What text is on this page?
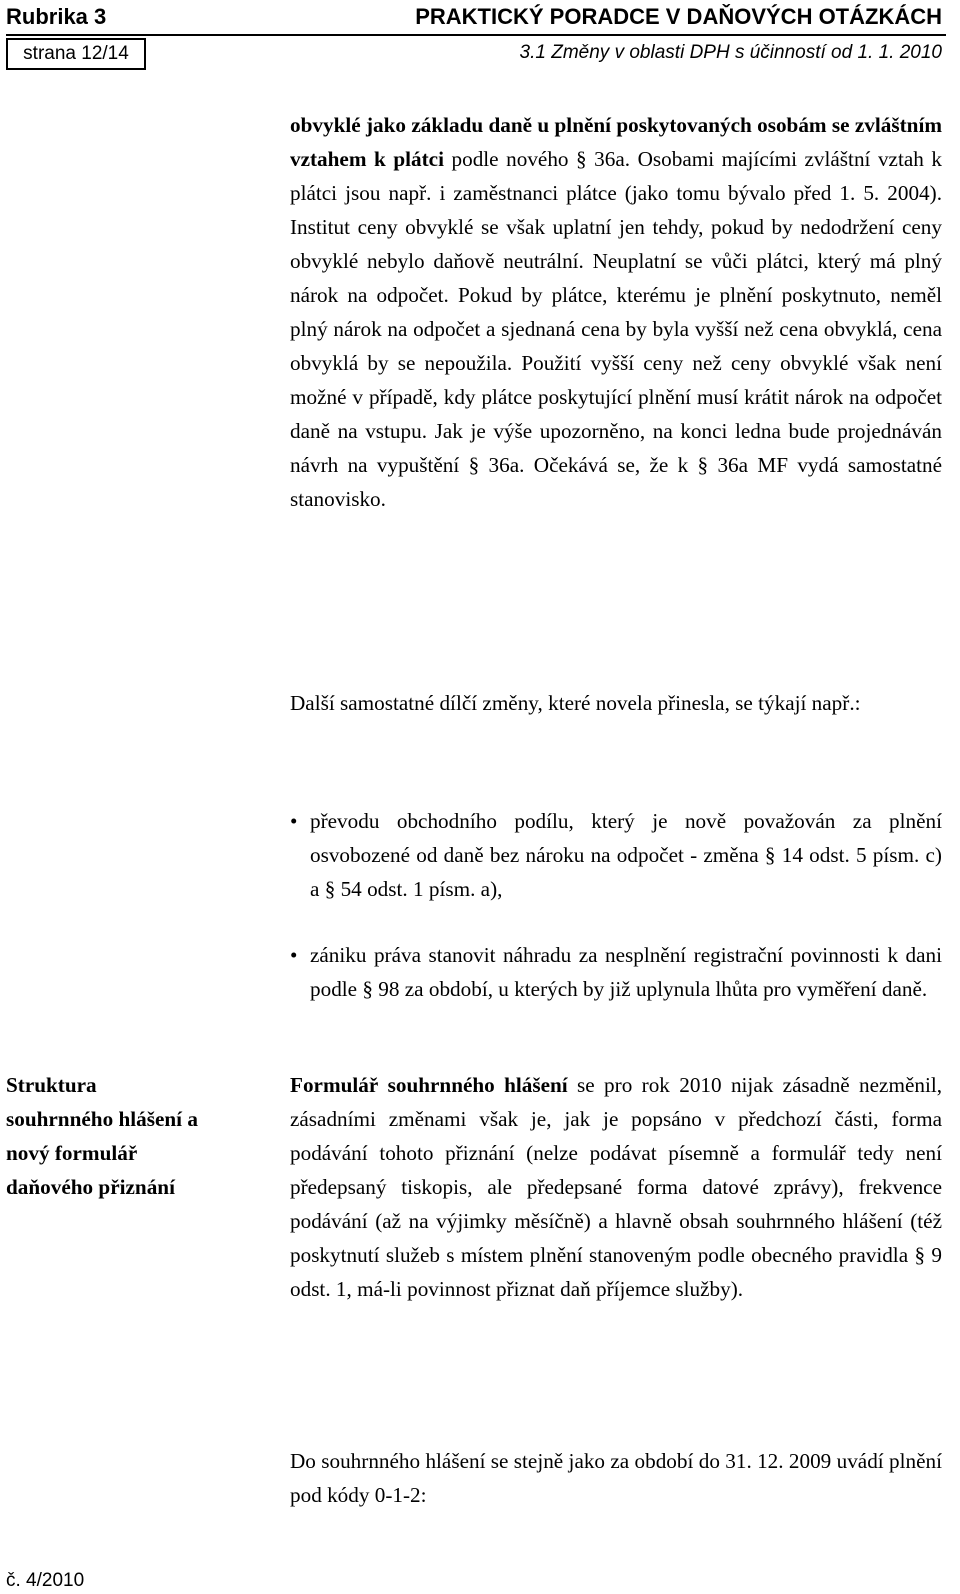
Rubrika 3	PRAKTICKÝ PORADCE V DAŇOVÝCH OTÁZKÁCH
strana 12/14	3.1 Změny v oblasti DPH s účinností od 1. 1. 2010

obvyklé jako základu daně u plnění poskytovaných osobám se zvláštním vztahem k plátci podle nového § 36a. Osobami majícími zvláštní vztah k plátci jsou např. i zaměstnanci plátce (jako tomu bývalo před 1. 5. 2004). Institut ceny obvyklé se však uplatní jen tehdy, pokud by nedodržení ceny obvyklé nebylo daňově neutrální. Neuplatní se vůči plátci, který má plný nárok na odpočet. Pokud by plátce, kterému je plnění poskytnuto, neměl plný nárok na odpočet a sjednaná cena by byla vyšší než cena obvyklá, cena obvyklá by se nepoužila. Použití vyšší ceny než ceny obvyklé však není možné v případě, kdy plátce poskytující plnění musí krátit nárok na odpočet daně na vstupu. Jak je výše upozorněno, na konci ledna bude projednáván návrh na vypuštění § 36a. Očekává se, že k § 36a MF vydá samostatné stanovisko.

Další samostatné dílčí změny, které novela přinesla, se týkají např.:

• převodu obchodního podílu, který je nově považován za plnění osvobozené od daně bez nároku na odpočet - změna § 14 odst. 5 písm. c) a § 54 odst. 1 písm. a),
• zániku práva stanovit náhradu za nesplnění registrační povinnosti k dani podle § 98 za období, u kterých by již uplynula lhůta pro vyměření daně.

Struktura souhrnného hlášení a nový formulář daňového přiznání

Formulář souhrnného hlášení se pro rok 2010 nijak zásadně nezměnil, zásadními změnami však je, jak je popsáno v předchozí části, forma podávání tohoto přiznání (nelze podávat písemně a formulář tedy není předepsaný tiskopis, ale předepsané forma datové zprávy), frekvence podávání (až na výjimky měsíčně) a hlavně obsah souhrnného hlášení (též poskytnutí služeb s místem plnění stanoveným podle obecného pravidla § 9 odst. 1, má-li povinnost přiznat daň příjemce služby).

Do souhrnného hlášení se stejně jako za období do 31. 12. 2009 uvádí plnění pod kódy 0-1-2:

č. 4/2010
